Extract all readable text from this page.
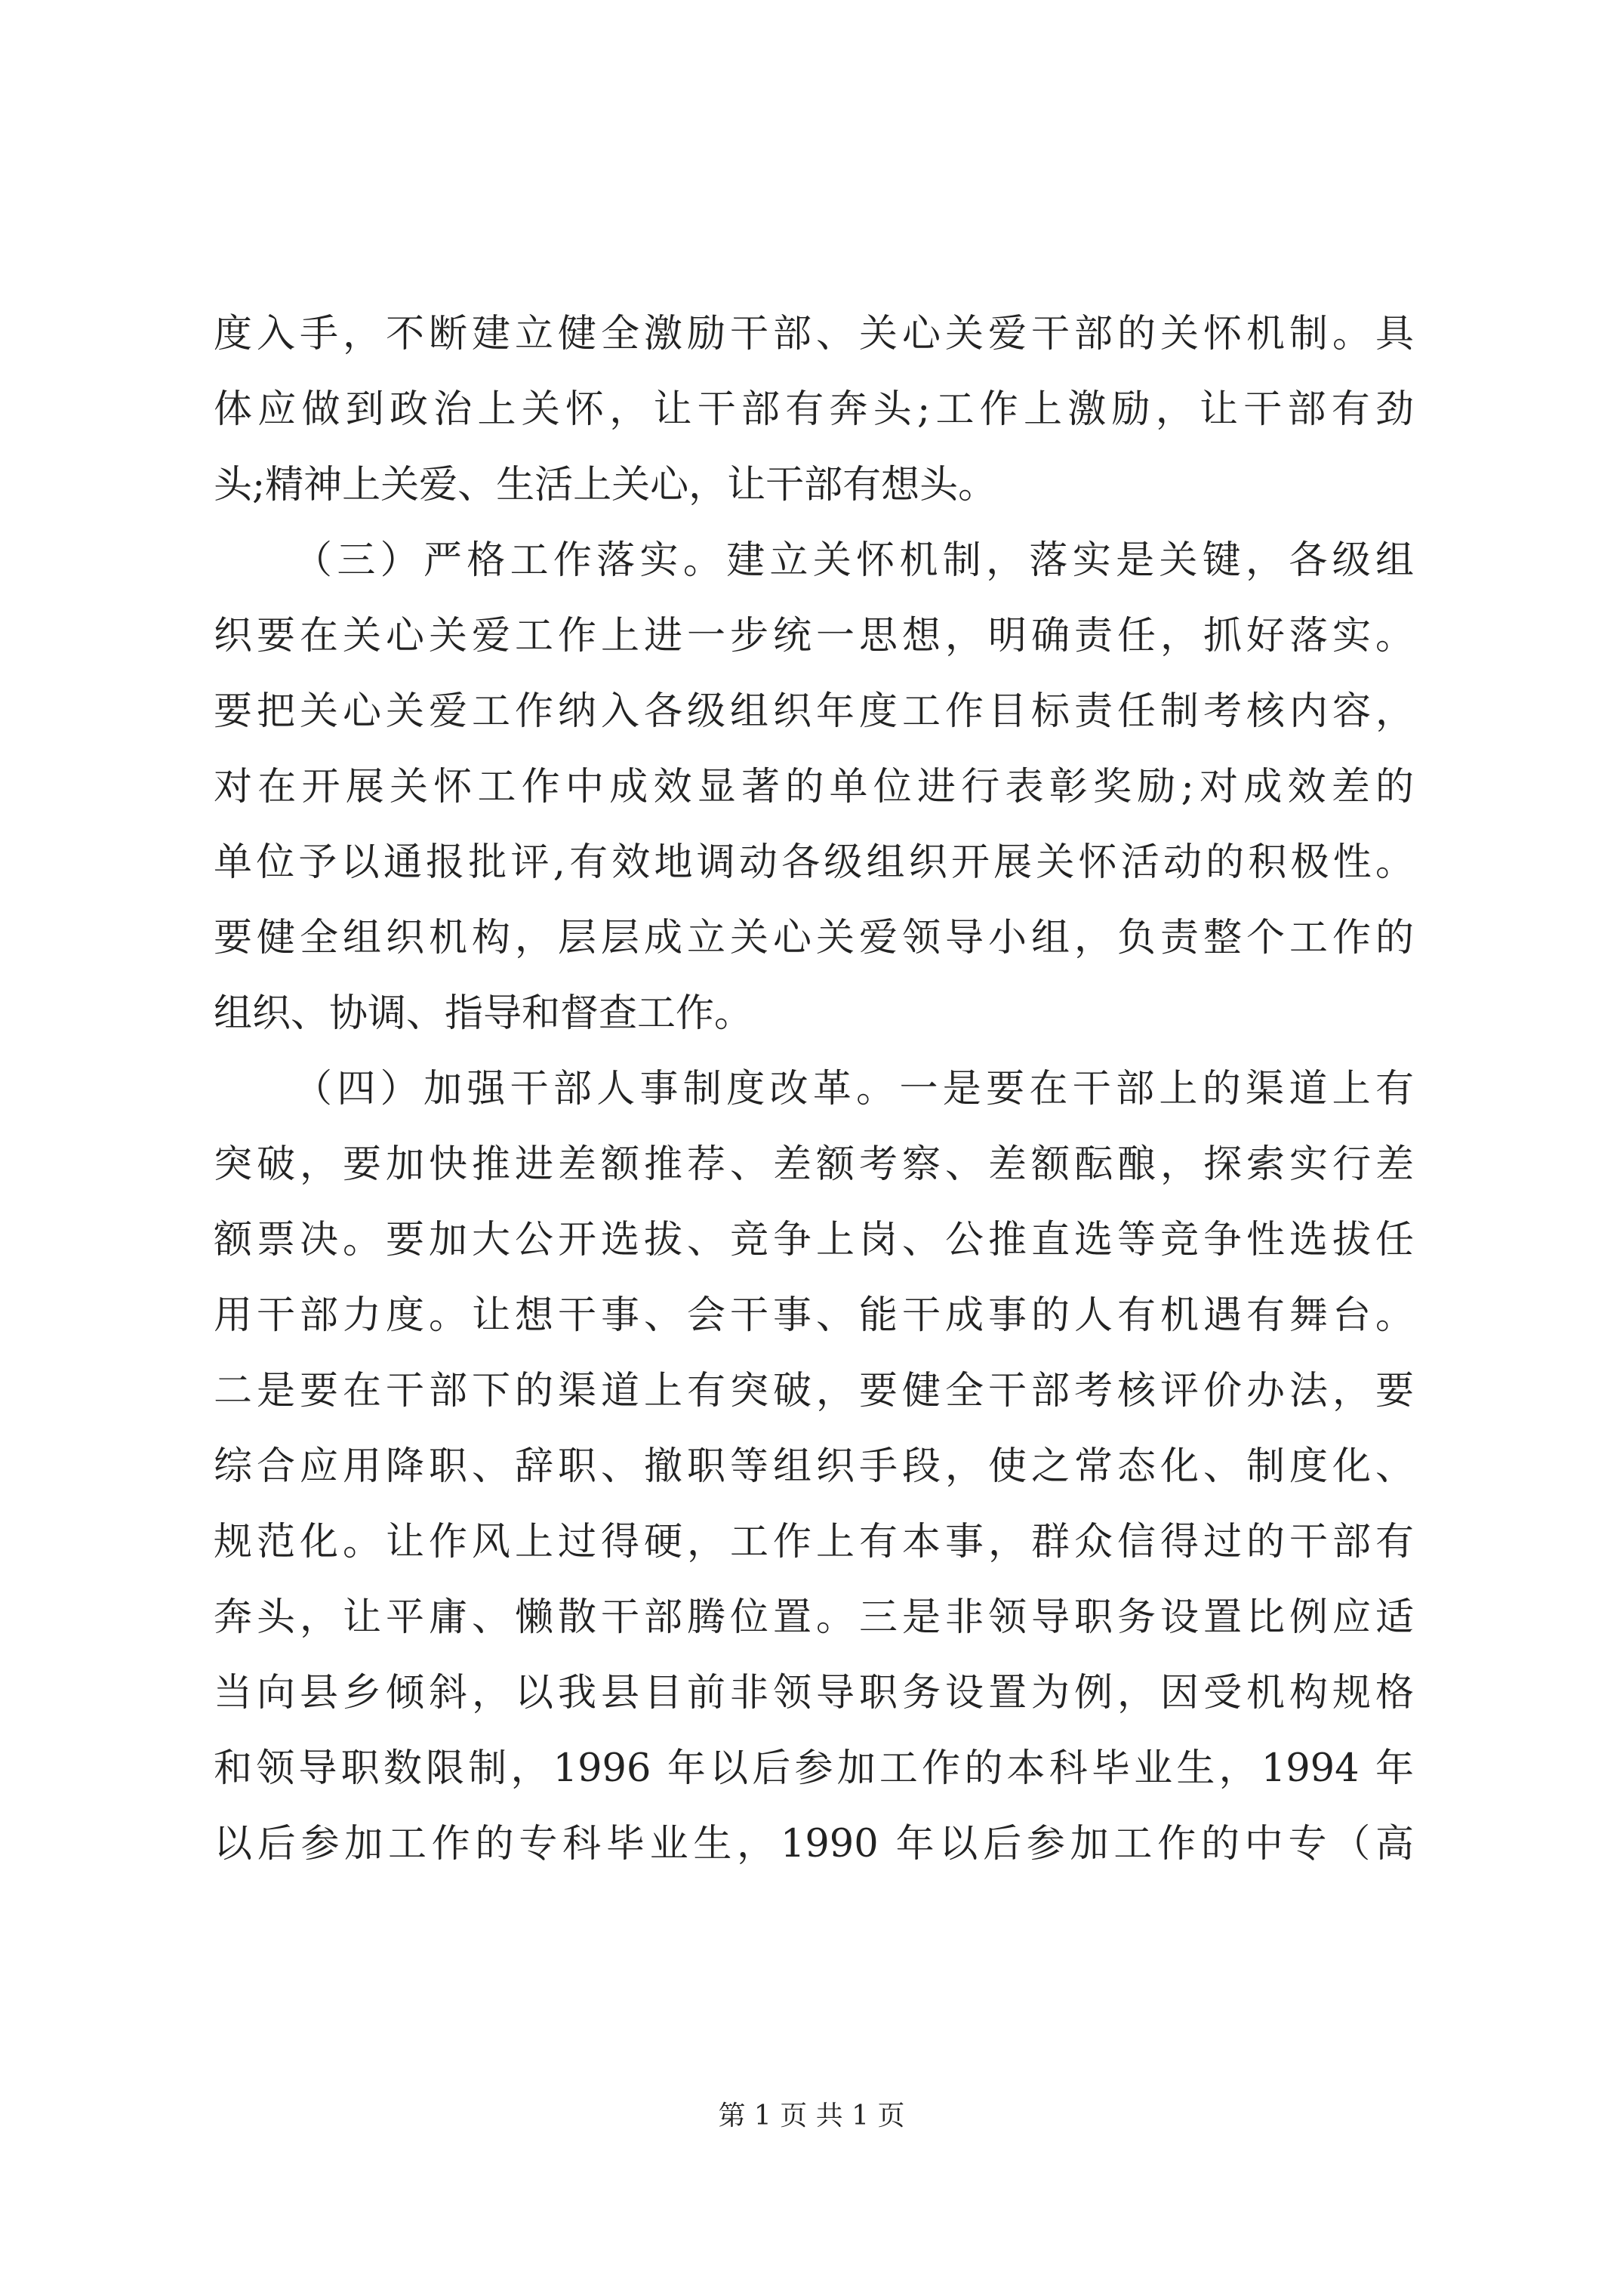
度入手，不断建立健全激励干部、关心关爱干部的关怀机制。具
体应做到政治上关怀，让干部有奔头;工作上激励，让干部有劲
头;精神上关爱、生活上关心，让干部有想头。
（三）严格工作落实。建立关怀机制，落实是关键，各级组
织要在关心关爱工作上进一步统一思想，明确责任，抓好落实。
要把关心关爱工作纳入各级组织年度工作目标责任制考核内容，
对在开展关怀工作中成效显著的单位进行表彰奖励;对成效差的
单位予以通报批评,有效地调动各级组织开展关怀活动的积极性。
要健全组织机构，层层成立关心关爱领导小组，负责整个工作的
组织、协调、指导和督查工作。
（四）加强干部人事制度改革。一是要在干部上的渠道上有
突破，要加快推进差额推荐、差额考察、差额酝酿，探索实行差
额票决。要加大公开选拔、竞争上岗、公推直选等竞争性选拔任
用干部力度。让想干事、会干事、能干成事的人有机遇有舞台。
二是要在干部下的渠道上有突破，要健全干部考核评价办法，要
综合应用降职、辞职、撤职等组织手段，使之常态化、制度化、
规范化。让作风上过得硬，工作上有本事，群众信得过的干部有
奔头，让平庸、懒散干部腾位置。三是非领导职务设置比例应适
当向县乡倾斜，以我县目前非领导职务设置为例，因受机构规格
和领导职数限制，1996 年以后参加工作的本科毕业生，1994 年
以后参加工作的专科毕业生，1990 年以后参加工作的中专（高
第 1 页 共 1 页
